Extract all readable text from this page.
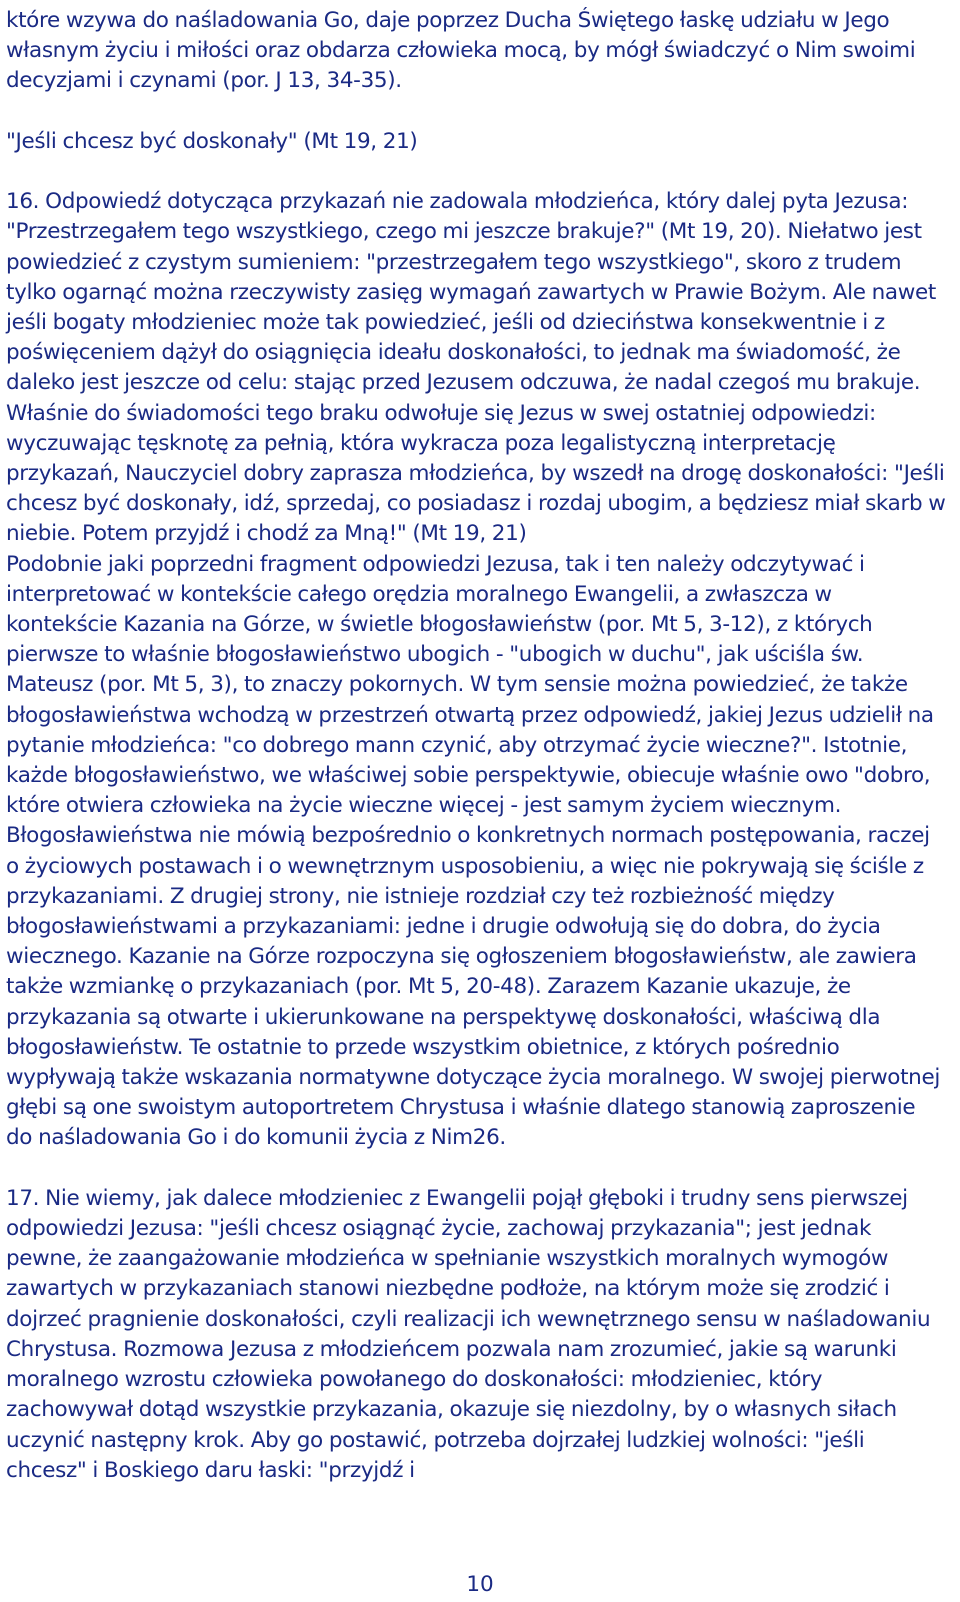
które wzywa do naśladowania Go, daje poprzez Ducha Świętego łaskę udziału w Jego własnym życiu i miłości oraz obdarza człowieka mocą, by mógł świadczyć o Nim swoimi decyzjami i czynami (por. J 13, 34-35).

"Jeśli chcesz być doskonały" (Mt 19, 21)

16. Odpowiedź dotycząca przykazań nie zadowala młodzieńca, który dalej pyta Jezusa: "Przestrzegałem tego wszystkiego, czego mi jeszcze brakuje?" (Mt 19, 20). Niełatwo jest powiedzieć z czystym sumieniem: "przestrzegałem tego wszystkiego", skoro z trudem tylko ogarnąć można rzeczywisty zasięg wymagań zawartych w Prawie Bożym. Ale nawet jeśli bogaty młodzieniec może tak powiedzieć, jeśli od dzieciństwa konsekwentnie i z poświęceniem dążył do osiągnięcia ideału doskonałości, to jednak ma świadomość, że daleko jest jeszcze od celu: stając przed Jezusem odczuwa, że nadal czegoś mu brakuje. Właśnie do świadomości tego braku odwołuje się Jezus w swej ostatniej odpowiedzi: wyczuwając tęsknotę za pełnią, która wykracza poza legalistyczną interpretację przykazań, Nauczyciel dobry zaprasza młodzieńca, by wszedł na drogę doskonałości: "Jeśli chcesz być doskonały, idź, sprzedaj, co posiadasz i rozdaj ubogim, a będziesz miał skarb w niebie. Potem przyjdź i chodź za Mną!" (Mt 19, 21)

Podobnie jaki poprzedni fragment odpowiedzi Jezusa, tak i ten należy odczytywać i interpretować w kontekście całego orędzia moralnego Ewangelii, a zwłaszcza w kontekście Kazania na Górze, w świetle błogosławieństw (por. Mt 5, 3-12), z których pierwsze to właśnie błogosławieństwo ubogich - "ubogich w duchu", jak uściśla św. Mateusz (por. Mt 5, 3), to znaczy pokornych. W tym sensie można powiedzieć, że także błogosławieństwa wchodzą w przestrzeń otwartą przez odpowiedź, jakiej Jezus udzielił na pytanie młodzieńca: "co dobrego mann czynić, aby otrzymać życie wieczne?". Istotnie, każde błogosławieństwo, we właściwej sobie perspektywie, obiecuje właśnie owo "dobro, które otwiera człowieka na życie wieczne więcej - jest samym życiem wiecznym.

Błogosławieństwa nie mówią bezpośrednio o konkretnych normach postępowania, raczej o życiowych postawach i o wewnętrznym usposobieniu, a więc nie pokrywają się ściśle z przykazaniami. Z drugiej strony, nie istnieje rozdział czy też rozbieżność między błogosławieństwami a przykazaniami: jedne i drugie odwołują się do dobra, do życia wiecznego. Kazanie na Górze rozpoczyna się ogłoszeniem błogosławieństw, ale zawiera także wzmiankę o przykazaniach (por. Mt 5, 20-48). Zarazem Kazanie ukazuje, że przykazania są otwarte i ukierunkowane na perspektywę doskonałości, właściwą dla błogosławieństw. Te ostatnie to przede wszystkim obietnice, z których pośrednio wypływają także wskazania normatywne dotyczące życia moralnego. W swojej pierwotnej głębi są one swoistym autoportretem Chrystusa i właśnie dlatego stanowią zaproszenie do naśladowania Go i do komunii życia z Nim26.

17. Nie wiemy, jak dalece młodzieniec z Ewangelii pojął głęboki i trudny sens pierwszej odpowiedzi Jezusa: "jeśli chcesz osiągnąć życie, zachowaj przykazania"; jest jednak pewne, że zaangażowanie młodzieńca w spełnianie wszystkich moralnych wymogów zawartych w przykazaniach stanowi niezbędne podłoże, na którym może się zrodzić i dojrzeć pragnienie doskonałości, czyli realizacji ich wewnętrznego sensu w naśladowaniu Chrystusa. Rozmowa Jezusa z młodzieńcem pozwala nam zrozumieć, jakie są warunki moralnego wzrostu człowieka powołanego do doskonałości: młodzieniec, który zachowywał dotąd wszystkie przykazania, okazuje się niezdolny, by o własnych siłach uczynić następny krok. Aby go postawić, potrzeba dojrzałej ludzkiej wolności: "jeśli chcesz" i Boskiego daru łaski: "przyjdź i

10
